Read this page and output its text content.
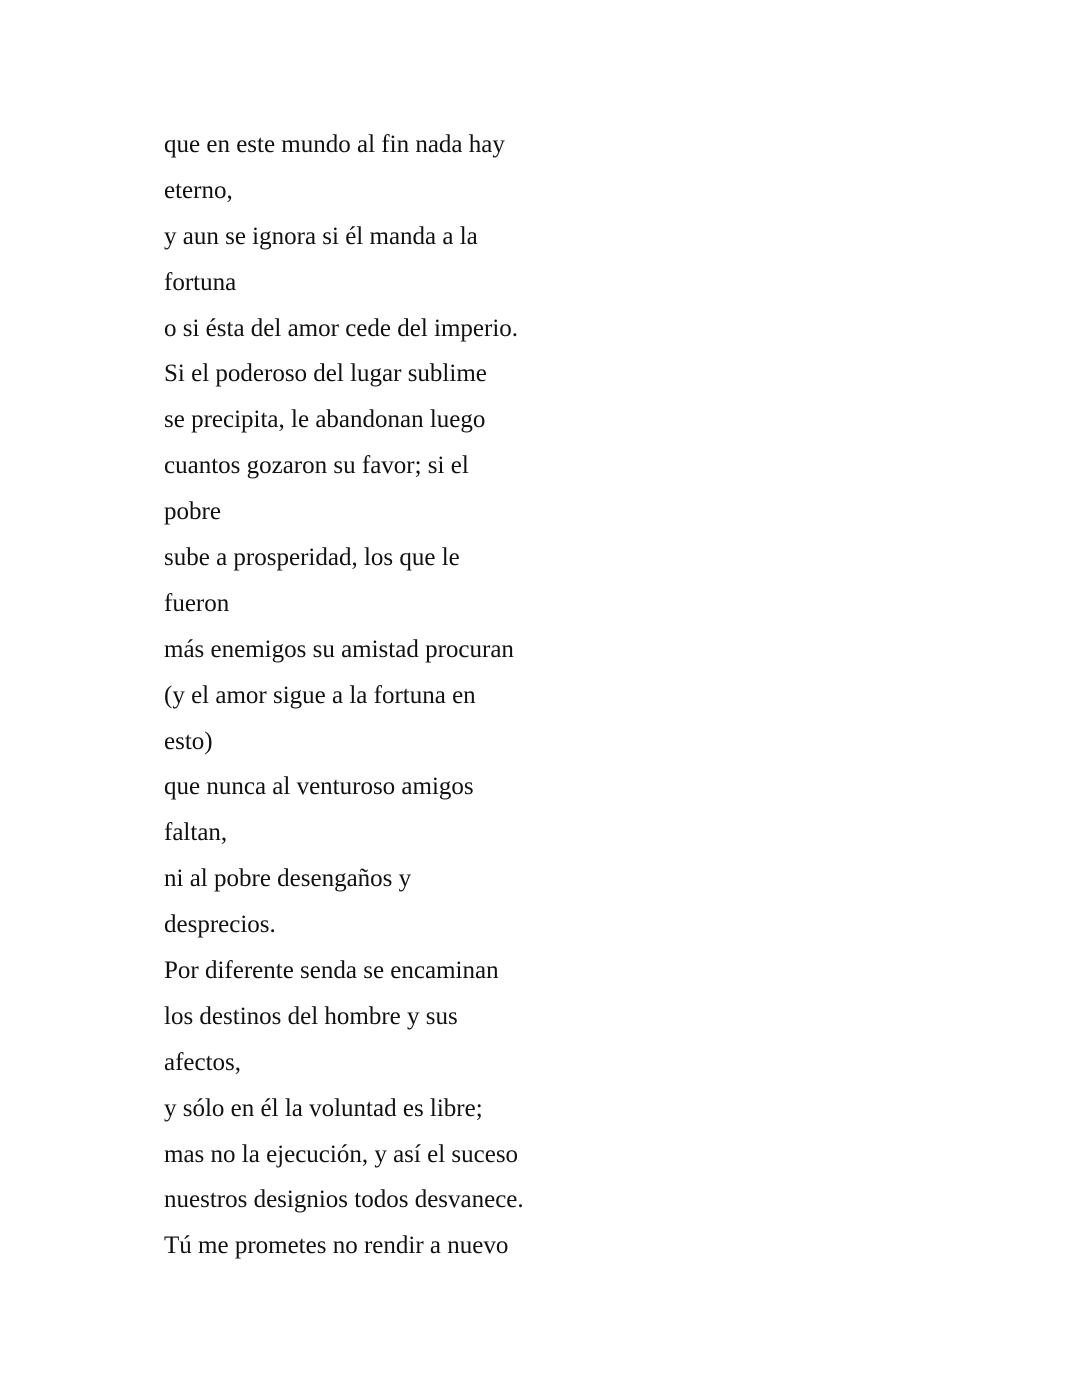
que en este mundo al fin nada hay
eterno,
y aun se ignora si él manda a la
fortuna
o si ésta del amor cede del imperio.
Si el poderoso del lugar sublime
se precipita, le abandonan luego
cuantos gozaron su favor; si el
pobre
sube a prosperidad, los que le
fueron
más enemigos su amistad procuran
(y el amor sigue a la fortuna en
esto)
que nunca al venturoso amigos
faltan,
ni al pobre desengaños y
desprecios.
Por diferente senda se encaminan
los destinos del hombre y sus
afectos,
y sólo en él la voluntad es libre;
mas no la ejecución, y así el suceso
nuestros designios todos desvanece.
Tú me prometes no rendir a nuevo
